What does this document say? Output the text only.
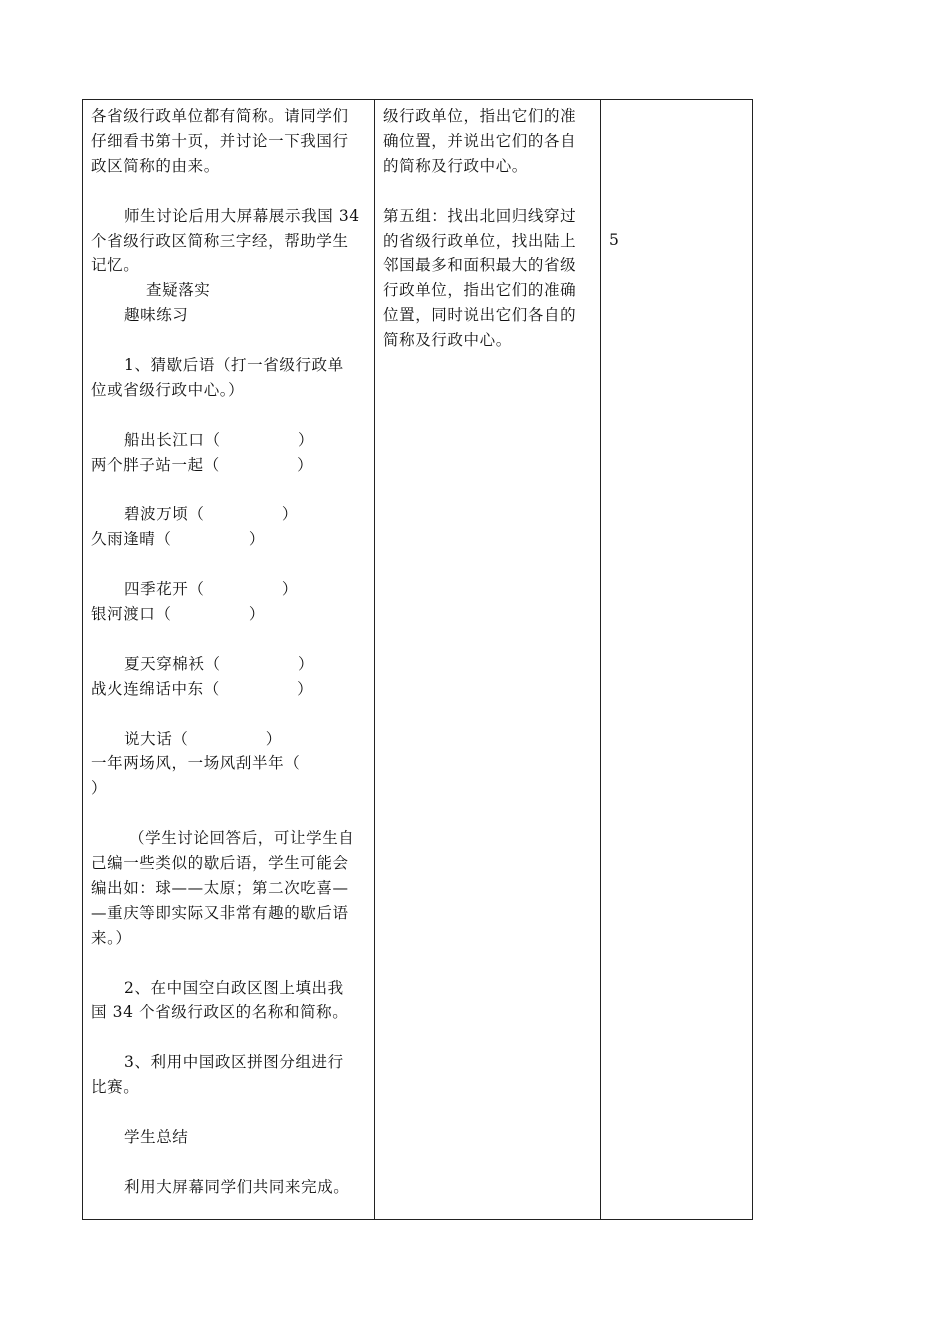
各省级行政单位都有简称。请同学们
仔细看书第十页，并讨论一下我国行
政区简称的由来。
师生讨论后用大屏幕展示我国 34
个省级行政区简称三字经，帮助学生
记忆。
查疑落实
趣味练习
1、猜歇后语（打一省级行政单
位或省级行政中心。）
船出长江口（              ）
两个胖子站一起（              ）
碧波万顷（              ）
久雨逢晴（              ）
四季花开（              ）
银河渡口（              ）
夏天穿棉袄（              ）
战火连绵话中东（              ）
说大话（              ）
一年两场风，一场风刮半年（
）
（学生讨论回答后，可让学生自
己编一些类似的歇后语，学生可能会
编出如：球——太原；第二次吃喜—
—重庆等即实际又非常有趣的歇后语
来。）
2、在中国空白政区图上填出我
国 34 个省级行政区的名称和简称。
3、利用中国政区拼图分组进行
比赛。
学生总结
利用大屏幕同学们共同来完成。
级行政单位，指出它们的准
确位置，并说出它们的各自
的简称及行政中心。
第五组：找出北回归线穿过
的省级行政单位，找出陆上
邻国最多和面积最大的省级
行政单位，指出它们的准确
位置，同时说出它们各自的
简称及行政中心。
5
